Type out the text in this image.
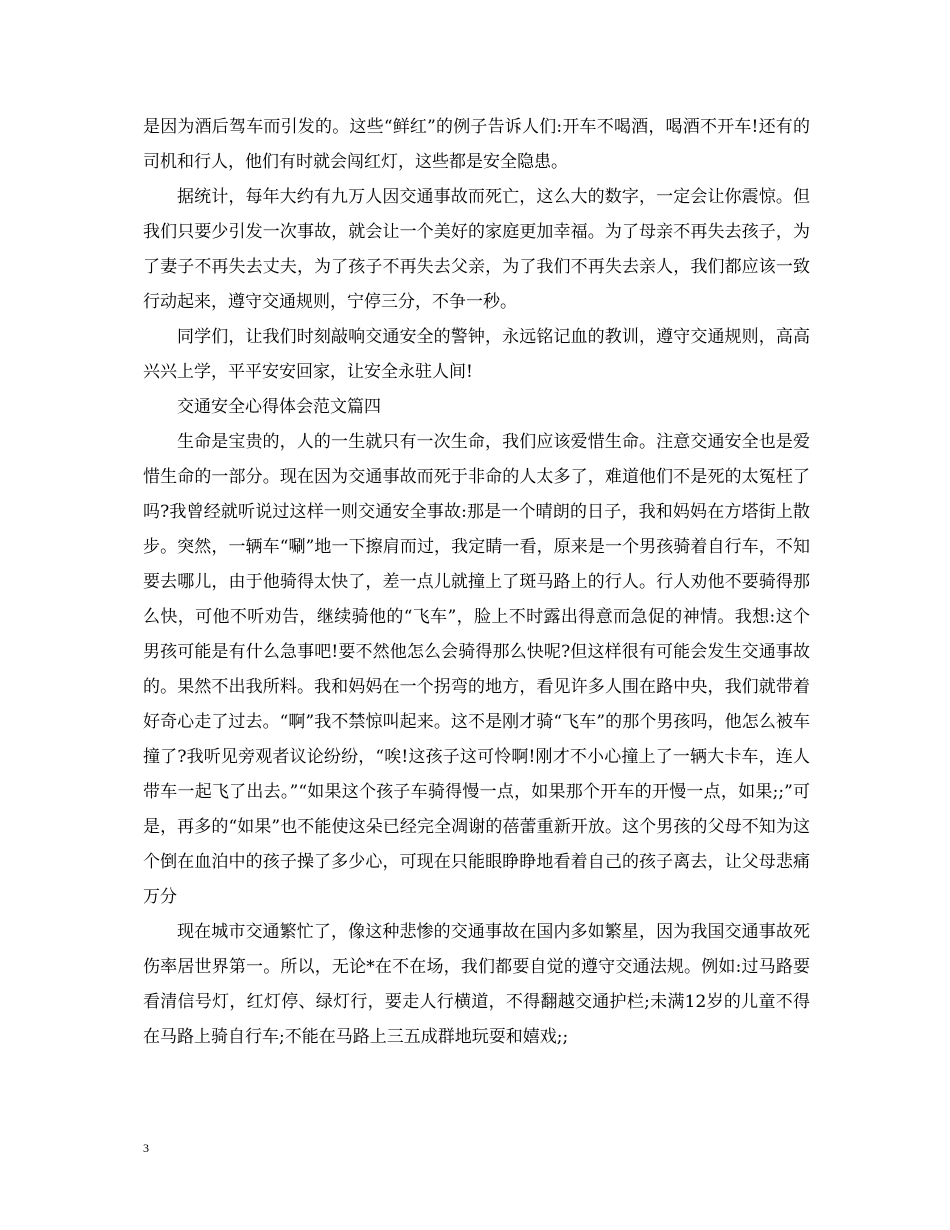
是因为酒后驾车而引发的。这些“鲜红”的例子告诉人们:开车不喝酒，喝酒不开车!还有的司机和行人，他们有时就会闯红灯，这些都是安全隐患。

据统计，每年大约有九万人因交通事故而死亡，这么大的数字，一定会让你震惊。但我们只要少引发一次事故，就会让一个美好的家庭更加幸福。为了母亲不再失去孩子，为了妻子不再失去丈夫，为了孩子不再失去父亲，为了我们不再失去亲人，我们都应该一致行动起来，遵守交通规则，宁停三分，不争一秒。

同学们，让我们时刻敲响交通安全的警钟，永远铭记血的教训，遵守交通规则，高高兴兴上学，平平安安回家，让安全永驻人间!

交通安全心得体会范文篇四

生命是宝贵的，人的一生就只有一次生命，我们应该爱惜生命。注意交通安全也是爱惜生命的一部分。现在因为交通事故而死于非命的人太多了，难道他们不是死的太冤枉了吗?我曾经就听说过这样一则交通安全事故:那是一个晴朗的日子，我和妈妈在方塔街上散步。突然，一辆车“唰”地一下擦肩而过，我定睛一看，原来是一个男孩骑着自行车，不知要去哪儿，由于他骑得太快了，差一点儿就撞上了斑马路上的行人。行人劝他不要骑得那么快，可他不听劝告，继续骑他的“飞车”，脸上不时露出得意而急促的神情。我想:这个男孩可能是有什么急事吧!要不然他怎么会骑得那么快呢?但这样很有可能会发生交通事故的。果然不出我所料。我和妈妈在一个拐弯的地方，看见许多人围在路中央，我们就带着好奇心走了过去。“啊”我不禁惊叫起来。这不是刚才骑“飞车”的那个男孩吗，他怎么被车撞了?我听见旁观者议论纷纷，“唉!这孩子这可怜啊!刚才不小心撞上了一辆大卡车，连人带车一起飞了出去。”“如果这个孩子车骑得慢一点，如果那个开车的开慢一点，如果;;”可是，再多的“如果”也不能使这朵已经完全凋谢的蓓蕾重新开放。这个男孩的父母不知为这个倒在血泊中的孩子操了多少心，可现在只能眼睁睁地看着自己的孩子离去，让父母悲痛万分

现在城市交通繁忙了，像这种悲惨的交通事故在国内多如繁星，因为我国交通事故死伤率居世界第一。所以，无论*在不在场，我们都要自觉的遵守交通法规。例如:过马路要看清信号灯，红灯停、绿灯行，要走人行横道，不得翻越交通护栏;未满12岁的儿童不得在马路上骑自行车;不能在马路上三五成群地玩耍和嬉戏;;

3
